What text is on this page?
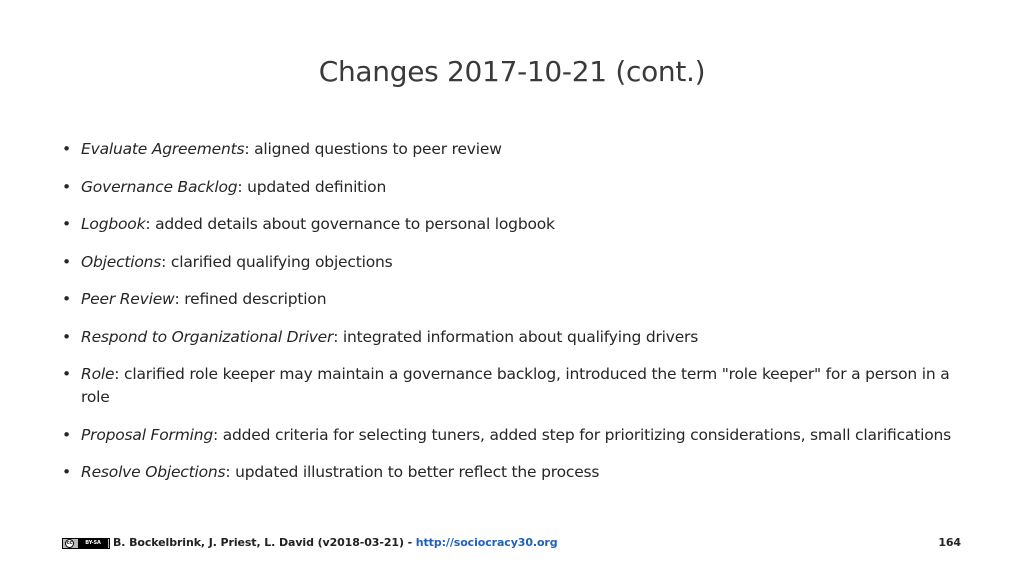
Changes 2017-10-21 (cont.)
• Evaluate Agreements: aligned questions to peer review
• Governance Backlog: updated deﬁnition
• Logbook: added details about governance to personal logbook
• Objections: clariﬁed qualifying objections
• Peer Review: reﬁned description
• Respond to Organizational Driver: integrated information about qualifying drivers
• Role: clariﬁed role keeper may maintain a governance backlog, introduced the term "role keeper" for a person in a role
• Proposal Forming: added criteria for selecting tuners, added step for prioritizing considerations, small clariﬁcations
• Resolve Objections: updated illustration to better reﬂect the process
cc	BY-SA	B. Bockelbrink, J. Priest, L. David (v2018-03-21) - http://sociocracy30.org	164
